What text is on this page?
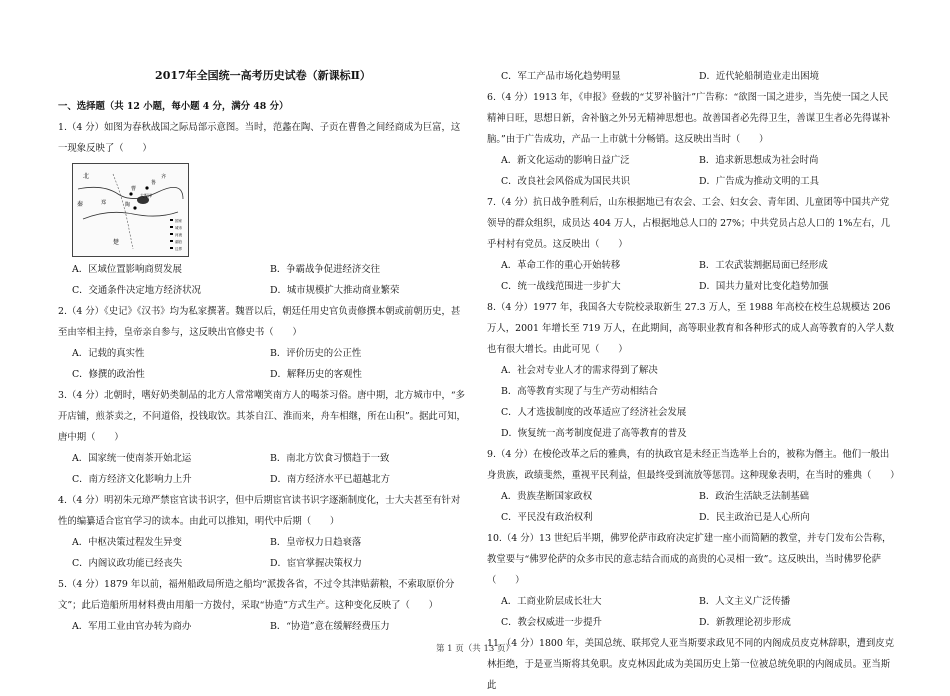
2017年全国统一高考历史试卷（新课标Ⅱ）
一、选择题（共 12 小题，每小题 4 分，满分 48 分）
1.（4 分）如图为春秋战国之际局部示意图。当时，范蠡在陶、子贡在曹鲁之间经商成为巨富，这一现象反映了（　　）
北
秦	郑
鲁
齐
曹
陶
大野泽
楚
国家
城市
河流
湖泊
边界
A．区域位置影响商贸发展	B．争霸战争促进经济交往
C．交通条件决定地方经济状况	D．城市规模扩大推动商业繁荣
2.（4 分）《史记》《汉书》均为私家撰著。魏晋以后，朝廷任用史官负责修撰本朝或前朝历史，甚至由宰相主持，皇帝亲自参与，这反映出官修史书（　　）
A．记载的真实性	B．评价历史的公正性
C．修撰的政治性	D．解释历史的客观性
3.（4 分）北朝时，嗜好奶类制品的北方人常常嘲笑南方人的喝茶习俗。唐中期，北方城市中，“多开店铺，煎茶卖之，不问道俗，投钱取饮。其茶自江、淮而来，舟车相继，所在山积”。据此可知，唐中期（　　）
A．国家统一使南茶开始北运	B．南北方饮食习惯趋于一致
C．南方经济文化影响力上升	D．南方经济水平已超越北方
4.（4 分）明初朱元璋严禁宦官读书识字，但中后期宦官读书识字逐渐制度化，士大夫甚至有针对性的编纂适合宦官学习的读本。由此可以推知，明代中后期（　　）
A．中枢决策过程发生异变	B．皇帝权力日趋衰落
C．内阁议政功能已经丧失	D．宦官掌握决策权力
5.（4 分）1879 年以前，福州船政局所造之船均“派拨各省，不过令其津贴薪粮，不索取原价分文”；此后造船所用材料费由用船一方拨付，采取“协造”方式生产。这种变化反映了（　　）
A．军用工业由官办转为商办	B．“协造”意在缓解经费压力
C．军工产品市场化趋势明显	D．近代轮船制造业走出困境
6.（4 分）1913 年，《申报》登载的“艾罗补脑汁”广告称：“欲图一国之进步，当先使一国之人民精神日旺，思想日新，舍补脑之外另无精神思想也。故善国者必先得卫生，善谋卫生者必先得谋补脑。”由于广告成功，产品一上市就十分畅销。这反映出当时（　　）
A．新文化运动的影响日益广泛	B．追求新思想成为社会时尚
C．改良社会风俗成为国民共识	D．广告成为推动文明的工具
7.（4 分）抗日战争胜利后，山东根据地已有农会、工会、妇女会、青年团、儿童团等中国共产党领导的群众组织，成员达 404 万人，占根据地总人口的 27%；中共党员占总人口的 1%左右，几乎村村有党员。这反映出（　　）
A．革命工作的重心开始转移	B．工农武装割据局面已经形成
C．统一战线范围进一步扩大	D．国共力量对比变化趋势加强
8.（4 分）1977 年，我国各大专院校录取新生 27.3 万人，至 1988 年高校在校生总规模达 206 万人，2001 年增长至 719 万人，在此期间，高等职业教育和各种形式的成人高等教育的入学人数也有很大增长。由此可见（　　）
A．社会对专业人才的需求得到了解决
B．高等教育实现了与生产劳动相结合
C．人才选拔制度的改革适应了经济社会发展
D．恢复统一高考制度促进了高等教育的普及
9.（4 分）在梭伦改革之后的雅典，有的执政官是未经正当选举上台的，被称为僭主。他们一般出身贵族，政绩斐然，重视平民利益，但最终受到流放等惩罚。这种现象表明，在当时的雅典（　　）
A．贵族垄断国家政权	B．政治生活缺乏法制基础
C．平民没有政治权利	D．民主政治已是人心所向
10.（4 分）13 世纪后半期，佛罗伦萨市政府决定扩建一座小而简陋的教堂，并专门发布公告称，教堂要与“佛罗伦萨的众多市民的意志结合而成的高贵的心灵相一致”。这反映出，当时佛罗伦萨（　　）
A．工商业阶层成长壮大	B．人文主义广泛传播
C．教会权威进一步提升	D．新教理论初步形成
11.（4 分）1800 年，美国总统、联邦党人亚当斯要求政见不同的内阁成员皮克林辞职，遭到皮克林拒绝，于是亚当斯将其免职。皮克林因此成为美国历史上第一位被总统免职的内阁成员。亚当斯此
第 1 页（共 13 页）
